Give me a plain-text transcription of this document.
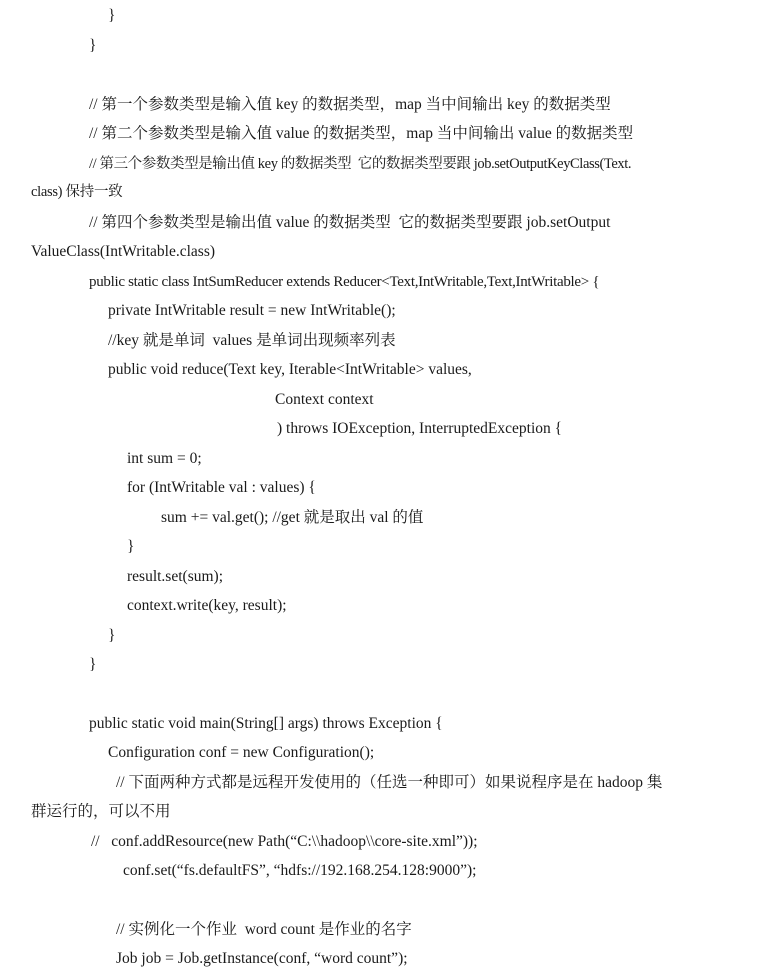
}
}
// 第一个参数类型是输入值 key 的数据类型，map 当中间输出 key 的数据类型
// 第二个参数类型是输入值 value 的数据类型，map 当中间输出 value 的数据类型
// 第三个参数类型是输出值 key 的数据类型  它的数据类型要跟 job.setOutputKeyClass(Text.
class) 保持一致
// 第四个参数类型是输出值 value 的数据类型  它的数据类型要跟 job.setOutput
ValueClass(IntWritable.class)
public static class IntSumReducer extends Reducer<Text,IntWritable,Text,IntWritable> {
private IntWritable result = new IntWritable();
//key 就是单词  values 是单词出现频率列表
public void reduce(Text key, Iterable<IntWritable> values,
Context context
) throws IOException, InterruptedException {
int sum = 0;
for (IntWritable val : values) {
sum += val.get(); //get 就是取出 val 的值
}
result.set(sum);
context.write(key, result);
}
}
public static void main(String[] args) throws Exception {
Configuration conf = new Configuration();
// 下面两种方式都是远程开发使用的（任选一种即可）如果说程序是在 hadoop 集
群运行的，可以不用
//   conf.addResource(new Path(“C:\\hadoop\\core-site.xml”));
conf.set(“fs.defaultFS”, “hdfs://192.168.254.128:9000”);
// 实例化一个作业  word count 是作业的名字
Job job = Job.getInstance(conf, “word count”);
